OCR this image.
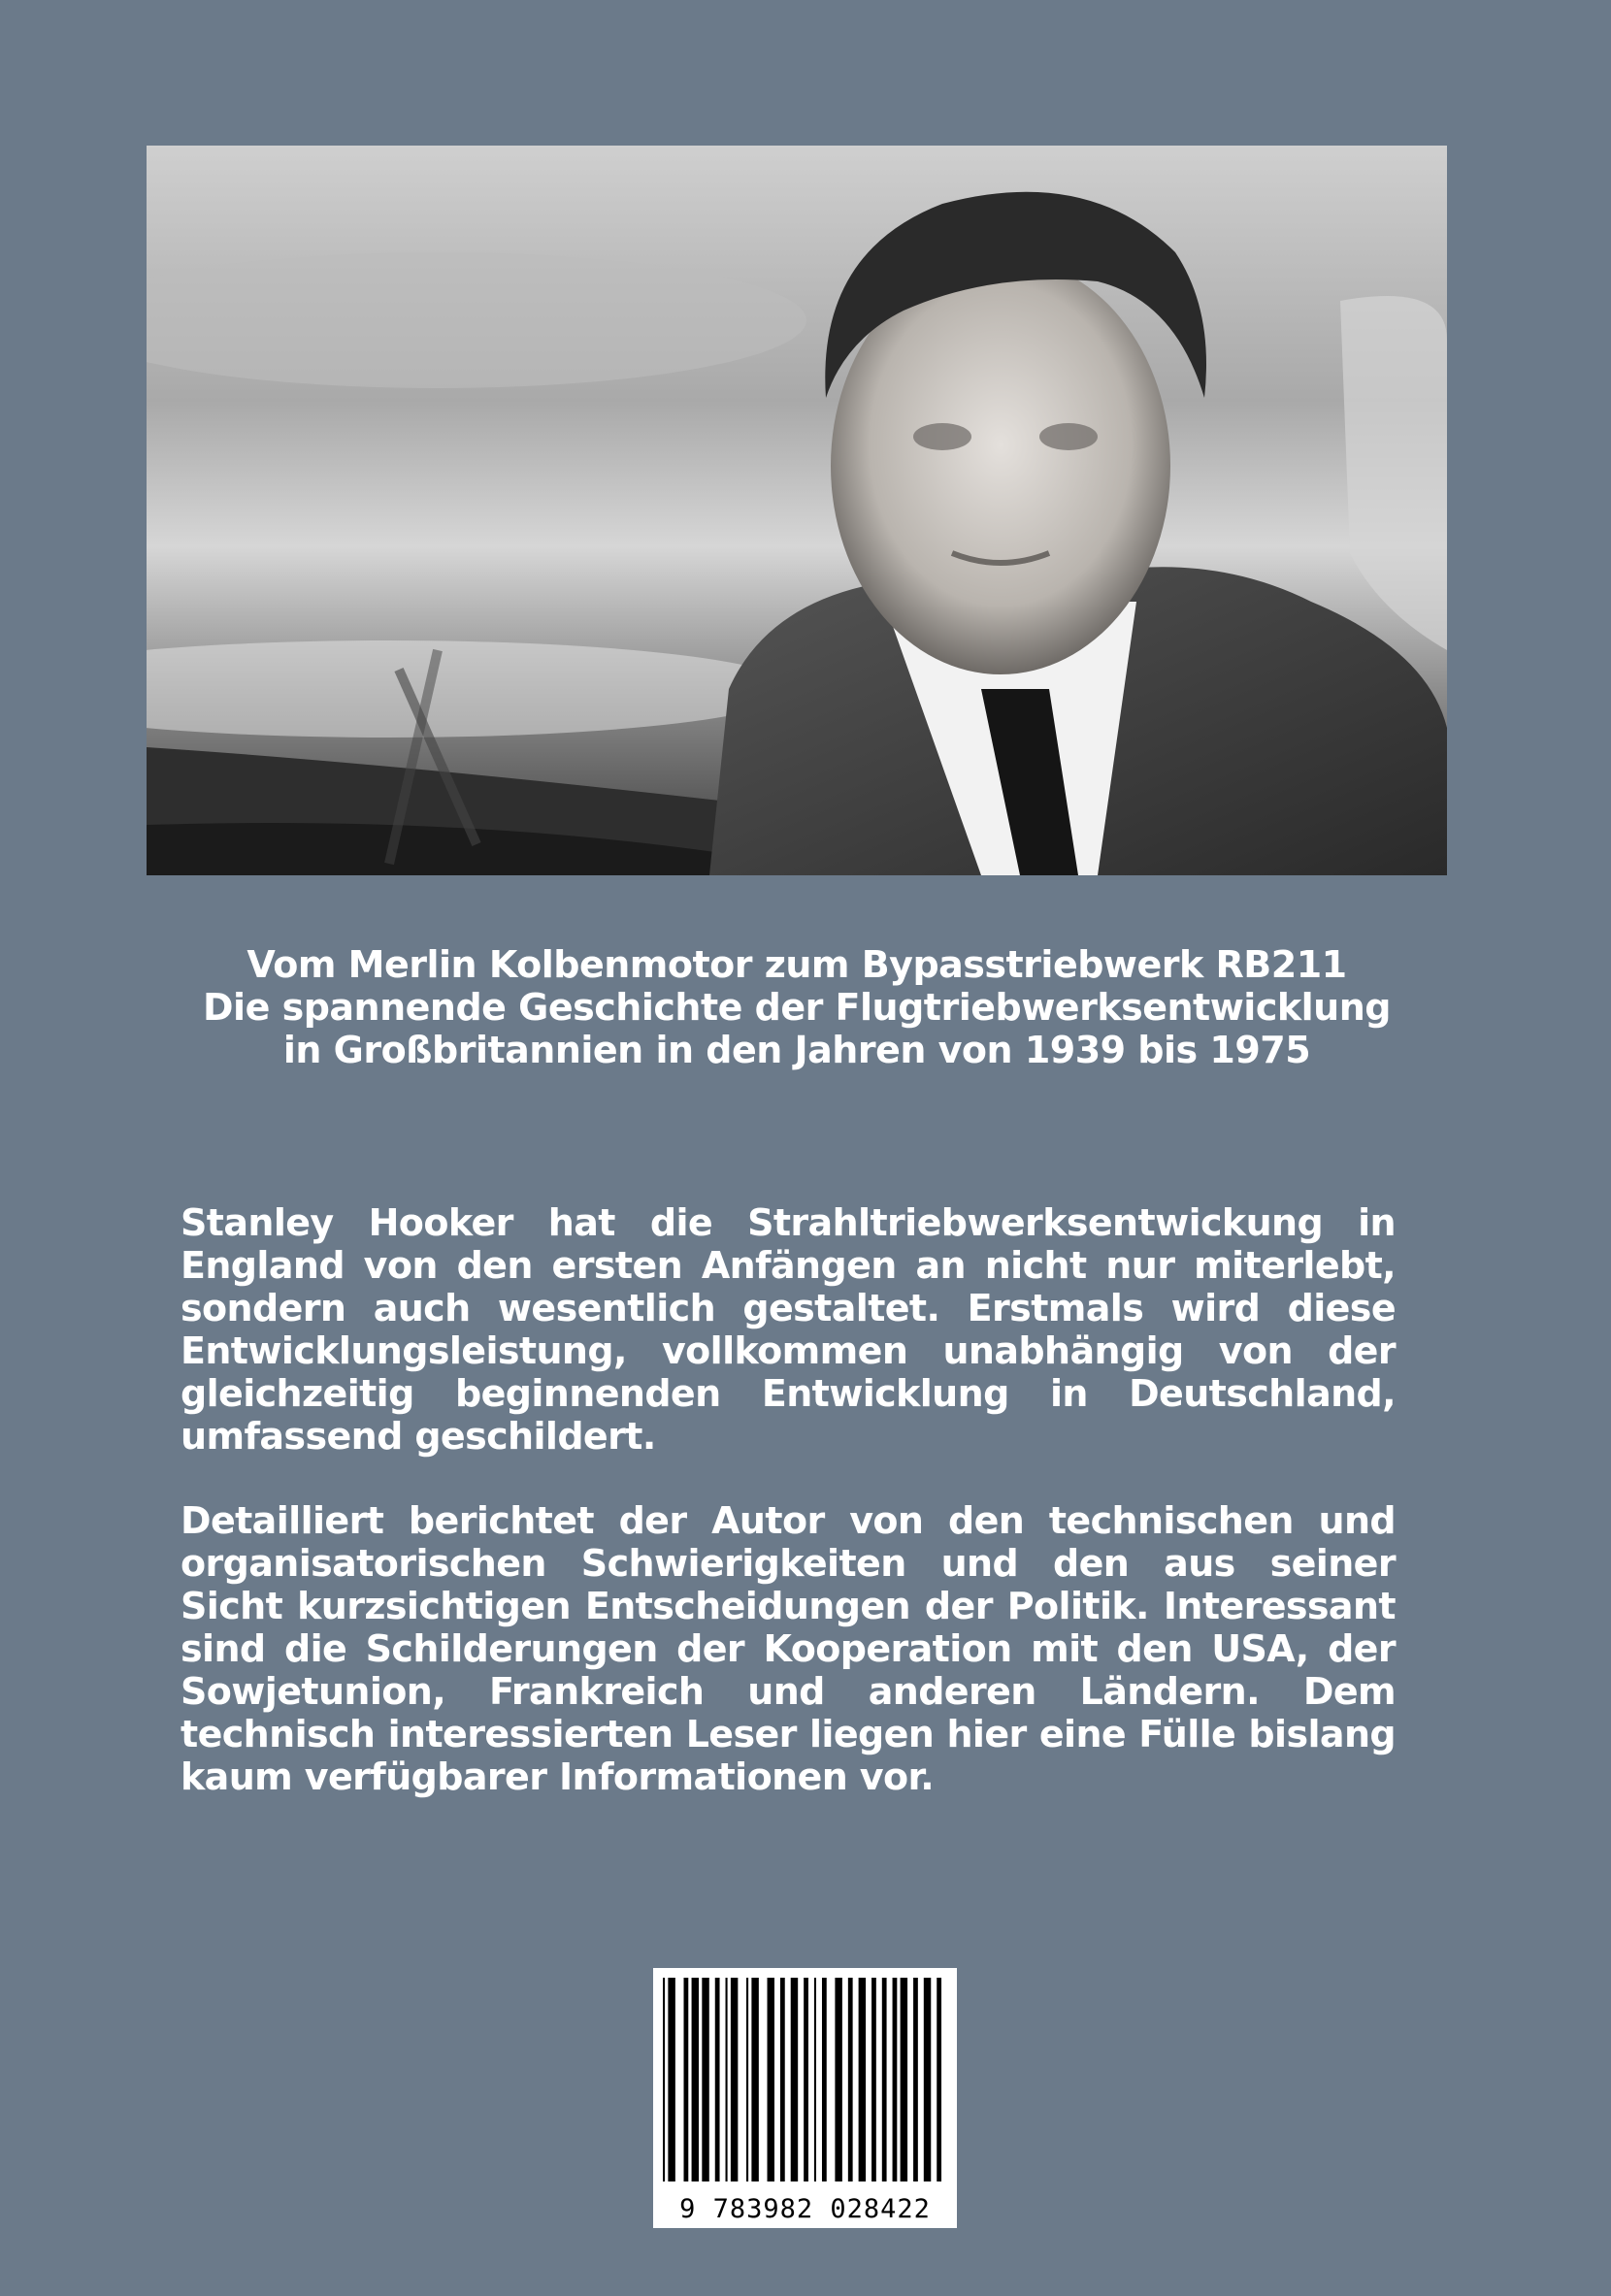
Vom Merlin Kolbenmotor zum Bypasstriebwerk RB211
Die spannende Geschichte der Flugtriebwerksentwicklung
in Großbritannien in den Jahren von 1939 bis 1975

Stanley Hooker hat die Strahltriebwerksentwickung in England von den ersten Anfängen an nicht nur miterlebt, sondern auch wesentlich gestaltet. Erstmals wird diese Entwicklungsleistung, vollkommen unabhängig von der gleichzeitig beginnenden Entwicklung in Deutschland, umfassend geschildert.

Detailliert berichtet der Autor von den technischen und organisatorischen Schwierigkeiten und den aus seiner Sicht kurzsichtigen Entscheidungen der Politik. Interessant sind die Schilderungen der Kooperation mit den USA, der Sowjetunion, Frankreich und anderen Ländern. Dem technisch interessierten Leser liegen hier eine Fülle bislang kaum verfügbarer Informationen vor.

9 783982 028422
